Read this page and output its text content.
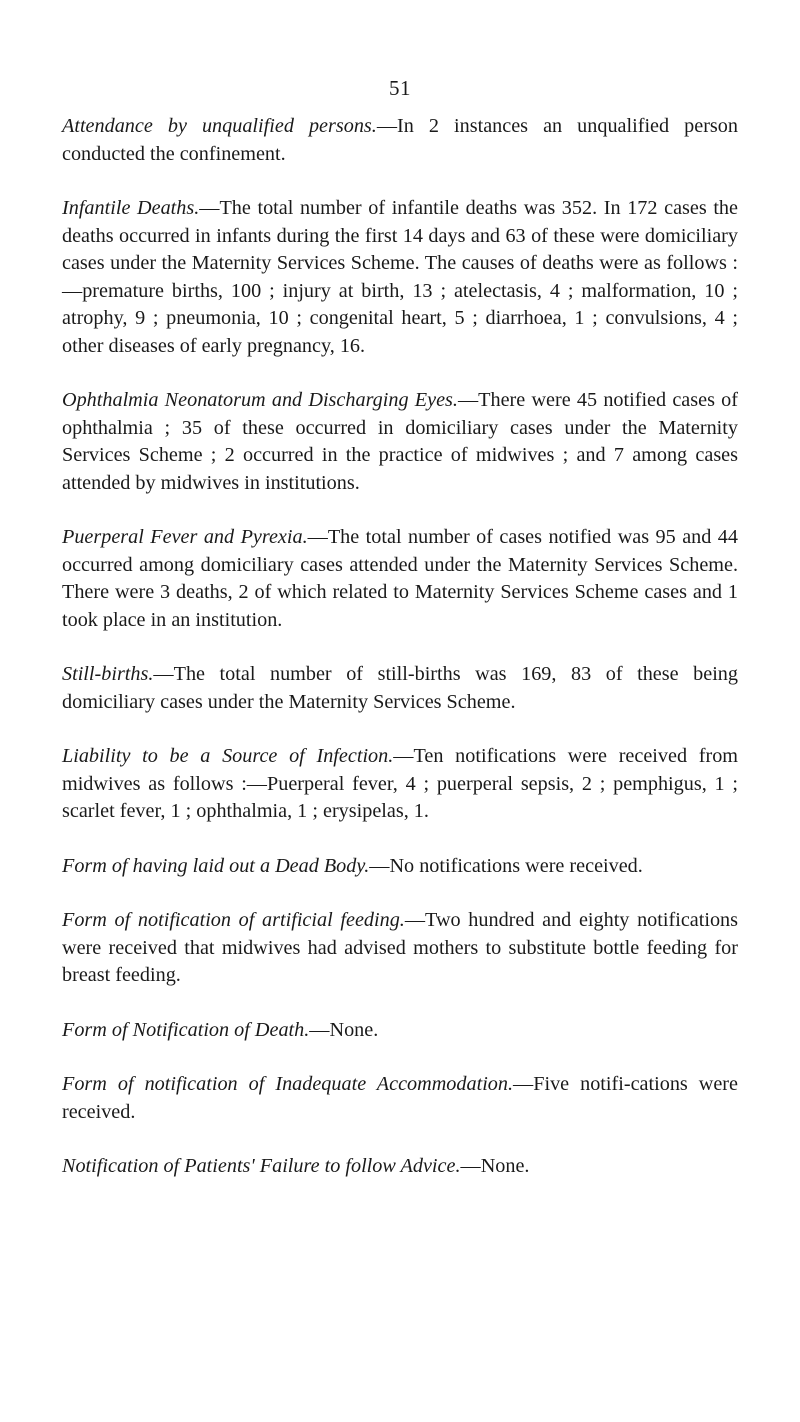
51

Attendance by unqualified persons.—In 2 instances an unqualified person conducted the confinement.

Infantile Deaths.—The total number of infantile deaths was 352. In 172 cases the deaths occurred in infants during the first 14 days and 63 of these were domiciliary cases under the Maternity Services Scheme. The causes of deaths were as follows :—premature births, 100 ; injury at birth, 13 ; atelectasis, 4 ; malformation, 10 ; atrophy, 9 ; pneumonia, 10 ; congenital heart, 5 ; diarrhoea, 1 ; convulsions, 4 ; other diseases of early pregnancy, 16.

Ophthalmia Neonatorum and Discharging Eyes.—There were 45 notified cases of ophthalmia ; 35 of these occurred in domiciliary cases under the Maternity Services Scheme ; 2 occurred in the practice of midwives ; and 7 among cases attended by midwives in institutions.

Puerperal Fever and Pyrexia.—The total number of cases notified was 95 and 44 occurred among domiciliary cases attended under the Maternity Services Scheme. There were 3 deaths, 2 of which related to Maternity Services Scheme cases and 1 took place in an institution.

Still-births.—The total number of still-births was 169, 83 of these being domiciliary cases under the Maternity Services Scheme.

Liability to be a Source of Infection.—Ten notifications were received from midwives as follows :—Puerperal fever, 4 ; puerperal sepsis, 2 ; pemphigus, 1 ; scarlet fever, 1 ; ophthalmia, 1 ; erysipelas, 1.

Form of having laid out a Dead Body.—No notifications were received.

Form of notification of artificial feeding.—Two hundred and eighty notifications were received that midwives had advised mothers to substitute bottle feeding for breast feeding.

Form of Notification of Death.—None.

Form of notification of Inadequate Accommodation.—Five notifi-cations were received.

Notification of Patients' Failure to follow Advice.—None.
